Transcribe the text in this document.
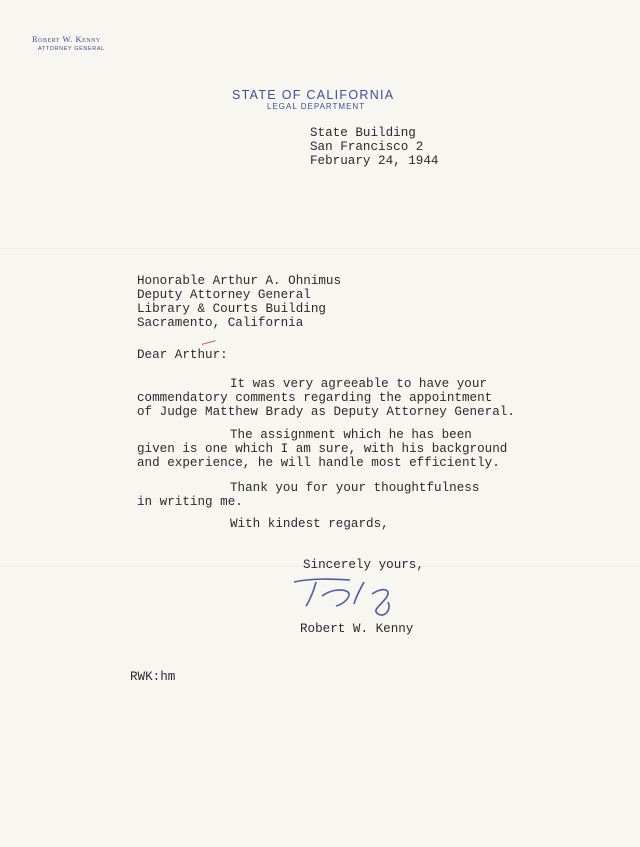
Robert W. Kenny
ATTORNEY GENERAL
STATE OF CALIFORNIA
LEGAL DEPARTMENT
State Building
San Francisco 2
February 24, 1944
Honorable Arthur A. Ohnimus
Deputy Attorney General
Library & Courts Building
Sacramento, California
Dear Arthur:
It was very agreeable to have your
commendatory comments regarding the appointment
of Judge Matthew Brady as Deputy Attorney General.
The assignment which he has been
given is one which I am sure, with his background
and experience, he will handle most efficiently.
Thank you for your thoughtfulness
in writing me.
With kindest regards,
Sincerely yours,
Robert W. Kenny
RWK:hm
